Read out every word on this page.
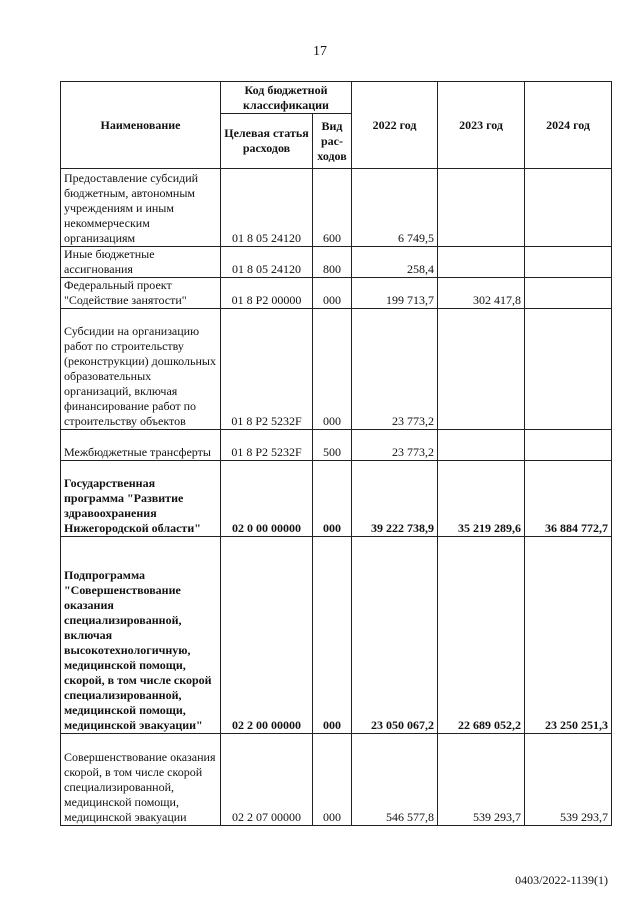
17
Наименование	Код бюджетной классификации		2022 год	2023 год	2024 год
	Целевая статья расходов	Вид рас-ходов			
Предоставление субсидий бюджетным, автономным учреждениям и иным некоммерческим организациям	01 8 05 24120	600	6 749,5		
Иные бюджетные ассигнования	01 8 05 24120	800	258,4		
Федеральный проект "Содействие занятости"	01 8 P2 00000	000	199 713,7	302 417,8	
Субсидии на организацию работ по строительству (реконструкции) дошкольных образовательных организаций, включая финансирование работ по строительству объектов	01 8 P2 5232F	000	23 773,2		
Межбюджетные трансферты	01 8 P2 5232F	500	23 773,2		
Государственная программа "Развитие здравоохранения Нижегородской области"	02 0 00 00000	000	39 222 738,9	35 219 289,6	36 884 772,7
Подпрограмма "Совершенствование оказания специализированной, включая высокотехнологичную, медицинской помощи, скорой, в том числе скорой специализированной, медицинской помощи, медицинской эвакуации"	02 2 00 00000	000	23 050 067,2	22 689 052,2	23 250 251,3
Совершенствование оказания скорой, в том числе скорой специализированной, медицинской помощи, медицинской эвакуации	02 2 07 00000	000	546 577,8	539 293,7	539 293,7
0403/2022-1139(1)
